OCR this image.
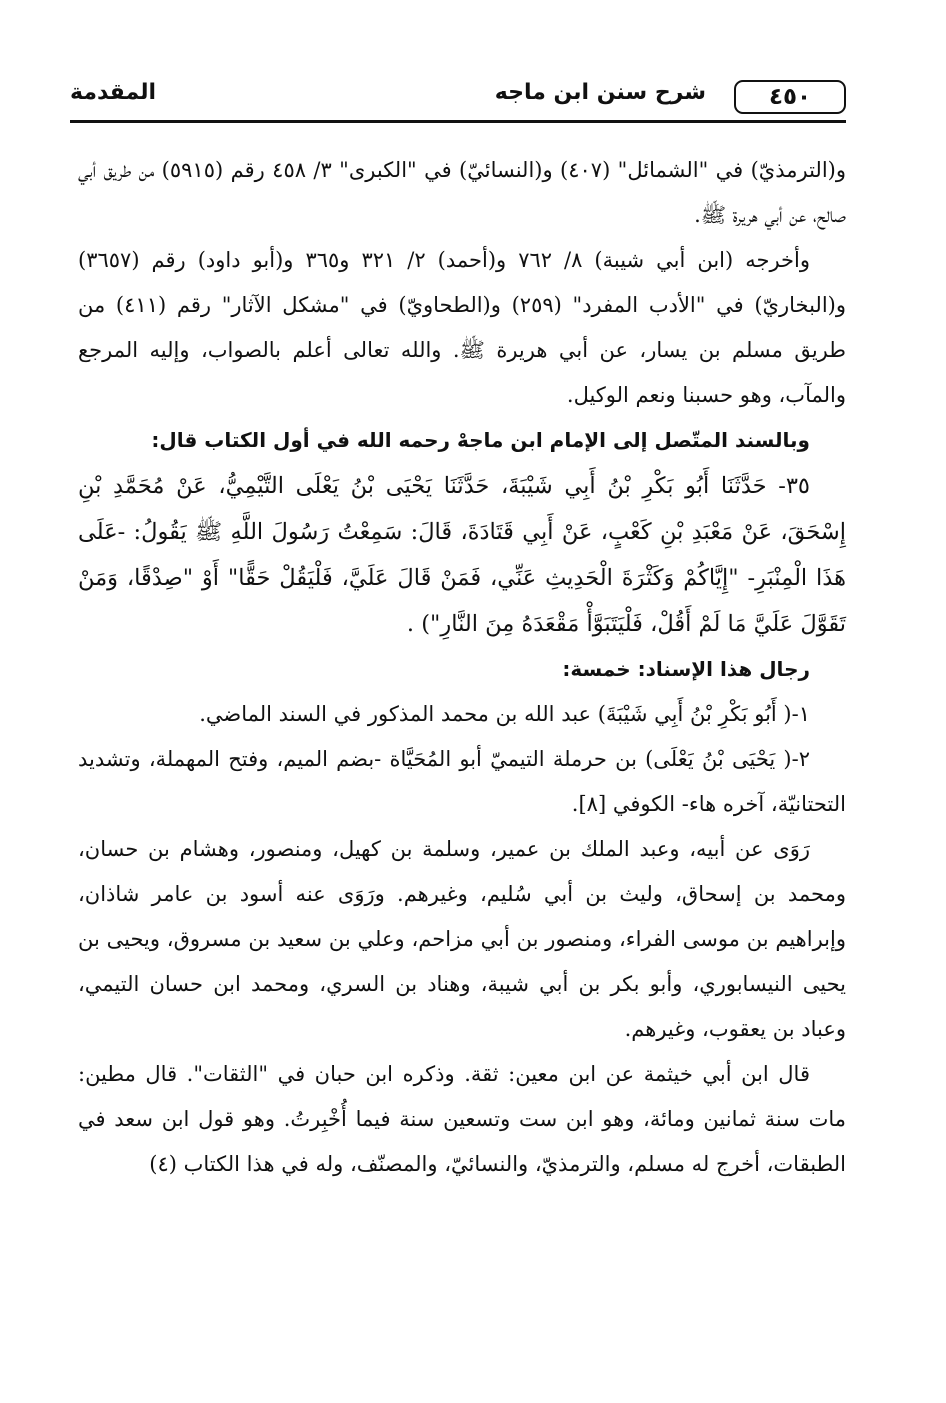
٤٥٠
شرح سنن ابن ماجه
المقدمة

و(الترمذيّ) في "الشمائل" (٤٠٧) و(النسائيّ) في "الكبرى" ٣/ ٤٥٨ رقم (٥٩١٥) من طريق أبي صالح، عن أبي هريرة ﷺ.

وأخرجه (ابن أبي شيبة) ٨/ ٧٦٢ و(أحمد) ٢/ ٣٢١ و٣٦٥ و(أبو داود) رقم (٣٦٥٧) و(البخاريّ) في "الأدب المفرد" (٢٥٩) و(الطحاويّ) في "مشكل الآثار" رقم (٤١١) من طريق مسلم بن يسار، عن أبي هريرة ﷺ. والله تعالى أعلم بالصواب، وإليه المرجع والمآب، وهو حسبنا ونعم الوكيل.

وبالسند المتّصل إلى الإمام ابن ماجهْ رحمه الله في أول الكتاب قال:

٣٥- حَدَّثَنَا أَبُو بَكْرِ بْنُ أَبِي شَيْبَةَ، حَدَّثَنَا يَحْيَى بْنُ يَعْلَى التَّيْمِيُّ، عَنْ مُحَمَّدِ بْنِ إِسْحَقَ، عَنْ مَعْبَدِ بْنِ كَعْبٍ، عَنْ أَبِي قَتَادَةَ، قَالَ: سَمِعْتُ رَسُولَ اللَّهِ ﷺ يَقُولُ: -عَلَى هَذَا الْمِنْبَرِ- "إِيَّاكُمْ وَكَثْرَةَ الْحَدِيثِ عَنِّي، فَمَنْ قَالَ عَلَيَّ، فَلْيَقُلْ حَقًّا" أَوْ "صِدْقًا، وَمَنْ تَقَوَّلَ عَلَيَّ مَا لَمْ أَقُلْ، فَلْيَتَبَوَّأْ مَقْعَدَهُ مِنَ النَّارِ") .

رجال هذا الإسناد: خمسة:

١-( أَبُو بَكْرِ بْنُ أَبِي شَيْبَةَ) عبد الله بن محمد المذكور في السند الماضي.

٢-( يَحْيَى بْنُ يَعْلَى) بن حرملة التيميّ أبو المُحَيَّاة -بضم الميم، وفتح المهملة، وتشديد التحتانيّة، آخره هاء- الكوفي [٨].

رَوَى عن أبيه، وعبد الملك بن عمير، وسلمة بن كهيل، ومنصور، وهشام بن حسان، ومحمد بن إسحاق، وليث بن أبي سُليم، وغيرهم. ورَوَى عنه أسود بن عامر شاذان، وإبراهيم بن موسى الفراء، ومنصور بن أبي مزاحم، وعلي بن سعيد بن مسروق، ويحيى بن يحيى النيسابوري، وأبو بكر بن أبي شيبة، وهناد بن السري، ومحمد ابن حسان التيمي، وعباد بن يعقوب، وغيرهم.

قال ابن أبي خيثمة عن ابن معين: ثقة. وذكره ابن حبان في "الثقات". قال مطين: مات سنة ثمانين ومائة، وهو ابن ست وتسعين سنة فيما أُخْبِرتُ. وهو قول ابن سعد في الطبقات، أخرج له مسلم، والترمذيّ، والنسائيّ، والمصنّف، وله في هذا الكتاب (٤)
